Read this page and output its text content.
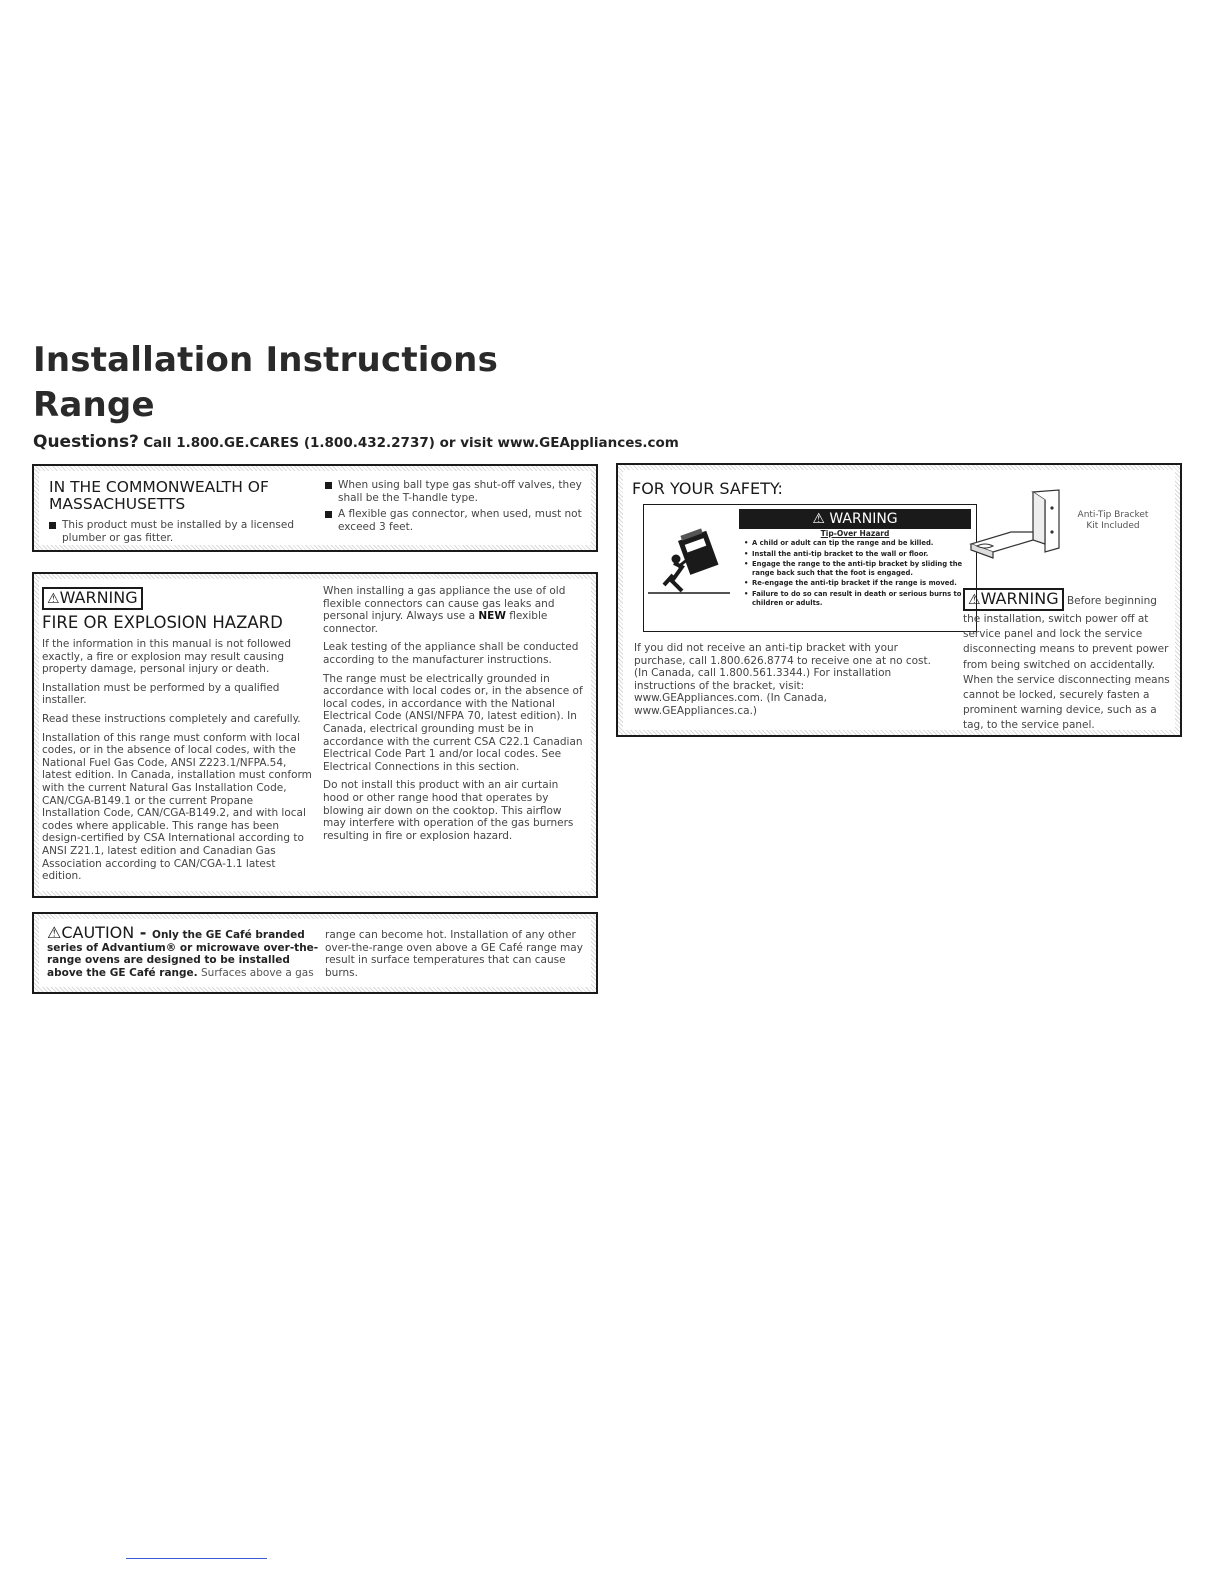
Installation Instructions
Range
Questions? Call 1.800.GE.CARES (1.800.432.2737) or visit www.GEAppliances.com
IN THE COMMONWEALTH OF MASSACHUSETTS
This product must be installed by a licensed plumber or gas fitter.
When using ball type gas shut-off valves, they shall be the T-handle type.
A flexible gas connector, when used, must not exceed 3 feet.
⚠WARNING
FIRE OR EXPLOSION HAZARD

If the information in this manual is not followed exactly, a fire or explosion may result causing property damage, personal injury or death.

Installation must be performed by a qualified installer.

Read these instructions completely and carefully.

Installation of this range must conform with local codes, or in the absence of local codes, with the National Fuel Gas Code, ANSI Z223.1/NFPA.54, latest edition. In Canada, installation must conform with the current Natural Gas Installation Code, CAN/CGA-B149.1 or the current Propane Installation Code, CAN/CGA-B149.2, and with local codes where applicable. This range has been design-certified by CSA International according to ANSI Z21.1, latest edition and Canadian Gas Association according to CAN/CGA-1.1 latest edition.

When installing a gas appliance the use of old flexible connectors can cause gas leaks and personal injury. Always use a NEW flexible connector.

Leak testing of the appliance shall be conducted according to the manufacturer instructions.

The range must be electrically grounded in accordance with local codes or, in the absence of local codes, in accordance with the National Electrical Code (ANSI/NFPA 70, latest edition). In Canada, electrical grounding must be in accordance with the current CSA C22.1 Canadian Electrical Code Part 1 and/or local codes. See Electrical Connections in this section.

Do not install this product with an air curtain hood or other range hood that operates by blowing air down on the cooktop. This airflow may interfere with operation of the gas burners resulting in fire or explosion hazard.

⚠CAUTION - Only the GE Café branded series of Advantium® or microwave over-the-range ovens are designed to be installed above the GE Café range. Surfaces above a gas
range can become hot. Installation of any other over-the-range oven above a GE Café range may result in surface temperatures that can cause burns.
FOR YOUR SAFETY:
⚠ WARNING
Tip-Over Hazard
• A child or adult can tip the range and be killed.
• Install the anti-tip bracket to the wall or floor.
• Engage the range to the anti-tip bracket by sliding the range back such that the foot is engaged.
• Re-engage the anti-tip bracket if the range is moved.
• Failure to do so can result in death or serious burns to children or adults.
If you did not receive an anti-tip bracket with your purchase, call 1.800.626.8774 to receive one at no cost. (In Canada, call 1.800.561.3344.) For installation instructions of the bracket, visit: www.GEAppliances.com. (In Canada, www.GEAppliances.ca.)
Anti-Tip Bracket Kit Included
⚠WARNING Before beginning
the installation, switch power off at service panel and lock the service disconnecting means to prevent power from being switched on accidentally. When the service disconnecting means cannot be locked, securely fasten a prominent warning device, such as a tag, to the service panel.
